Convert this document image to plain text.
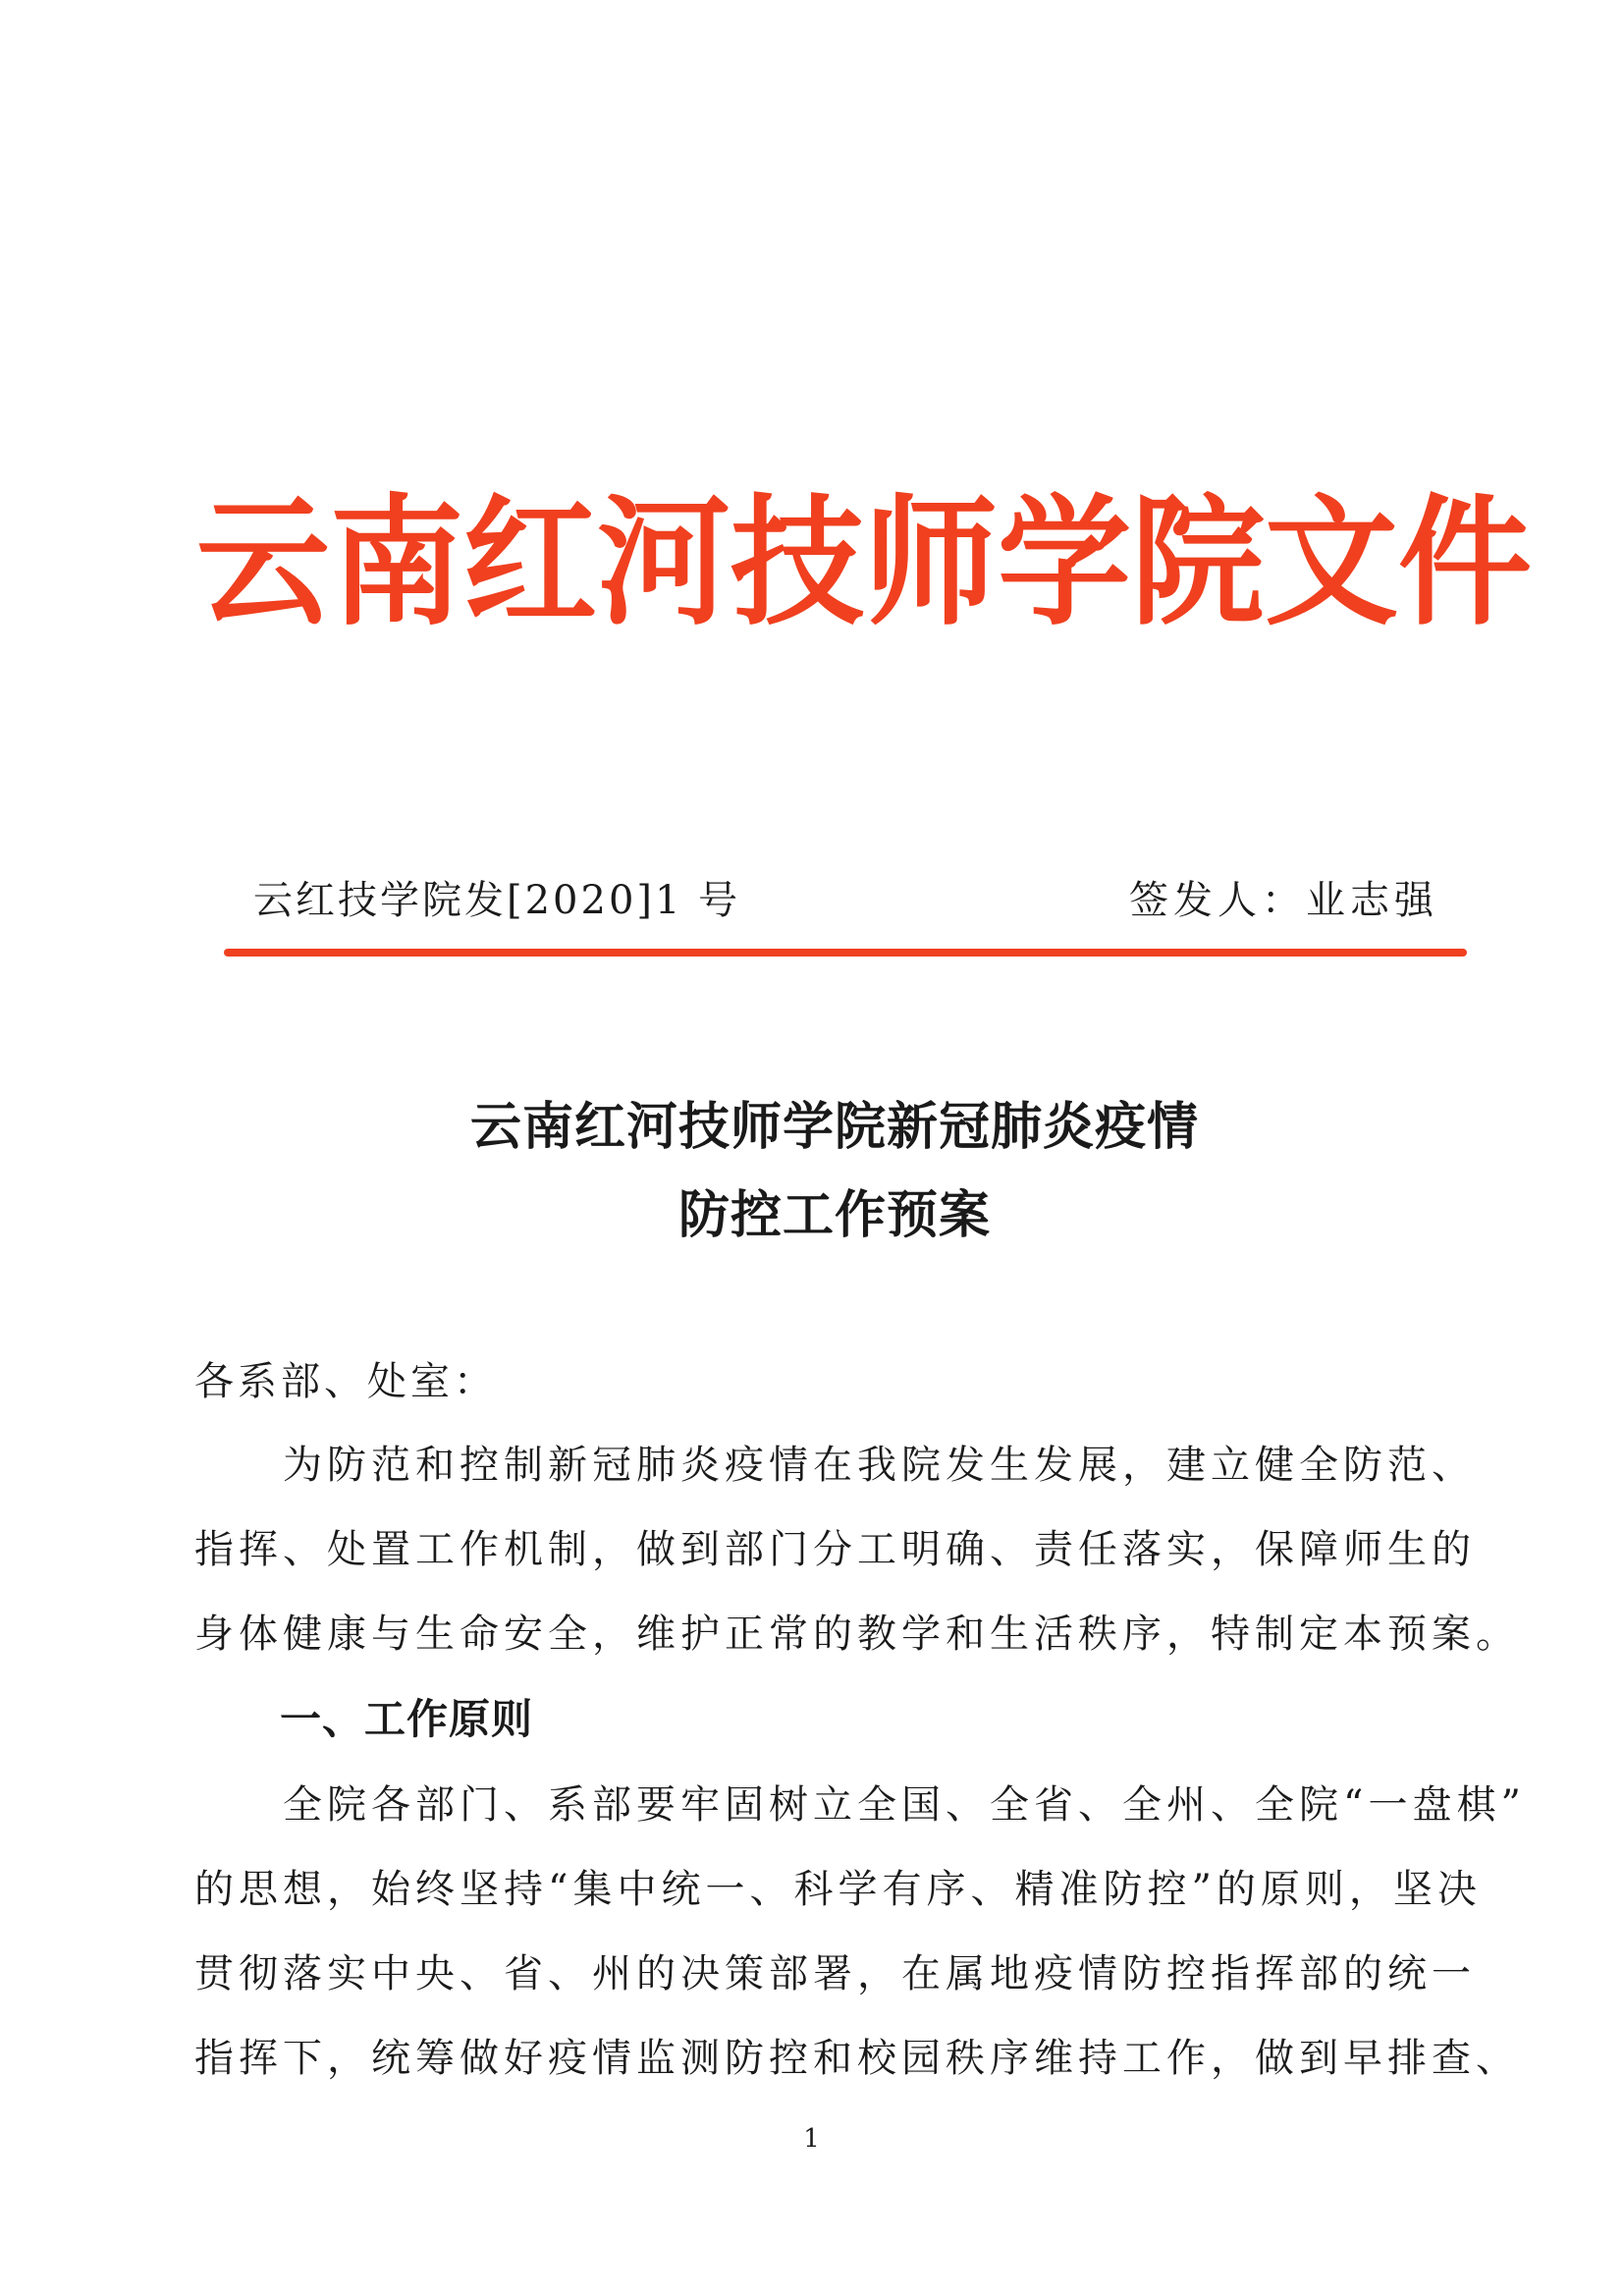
云南红河技师学院文件
云红技学院发[2020]1 号	签发人：业志强
云南红河技师学院新冠肺炎疫情
防控工作预案
各系部、处室：
　　为防范和控制新冠肺炎疫情在我院发生发展，建立健全防范、
指挥、处置工作机制，做到部门分工明确、责任落实，保障师生的
身体健康与生命安全，维护正常的教学和生活秩序，特制定本预案。
一、工作原则
　　全院各部门、系部要牢固树立全国、全省、全州、全院“一盘棋”
的思想，始终坚持“集中统一、科学有序、精准防控”的原则，坚决
贯彻落实中央、省、州的决策部署，在属地疫情防控指挥部的统一
指挥下，统筹做好疫情监测防控和校园秩序维持工作，做到早排查、
1
